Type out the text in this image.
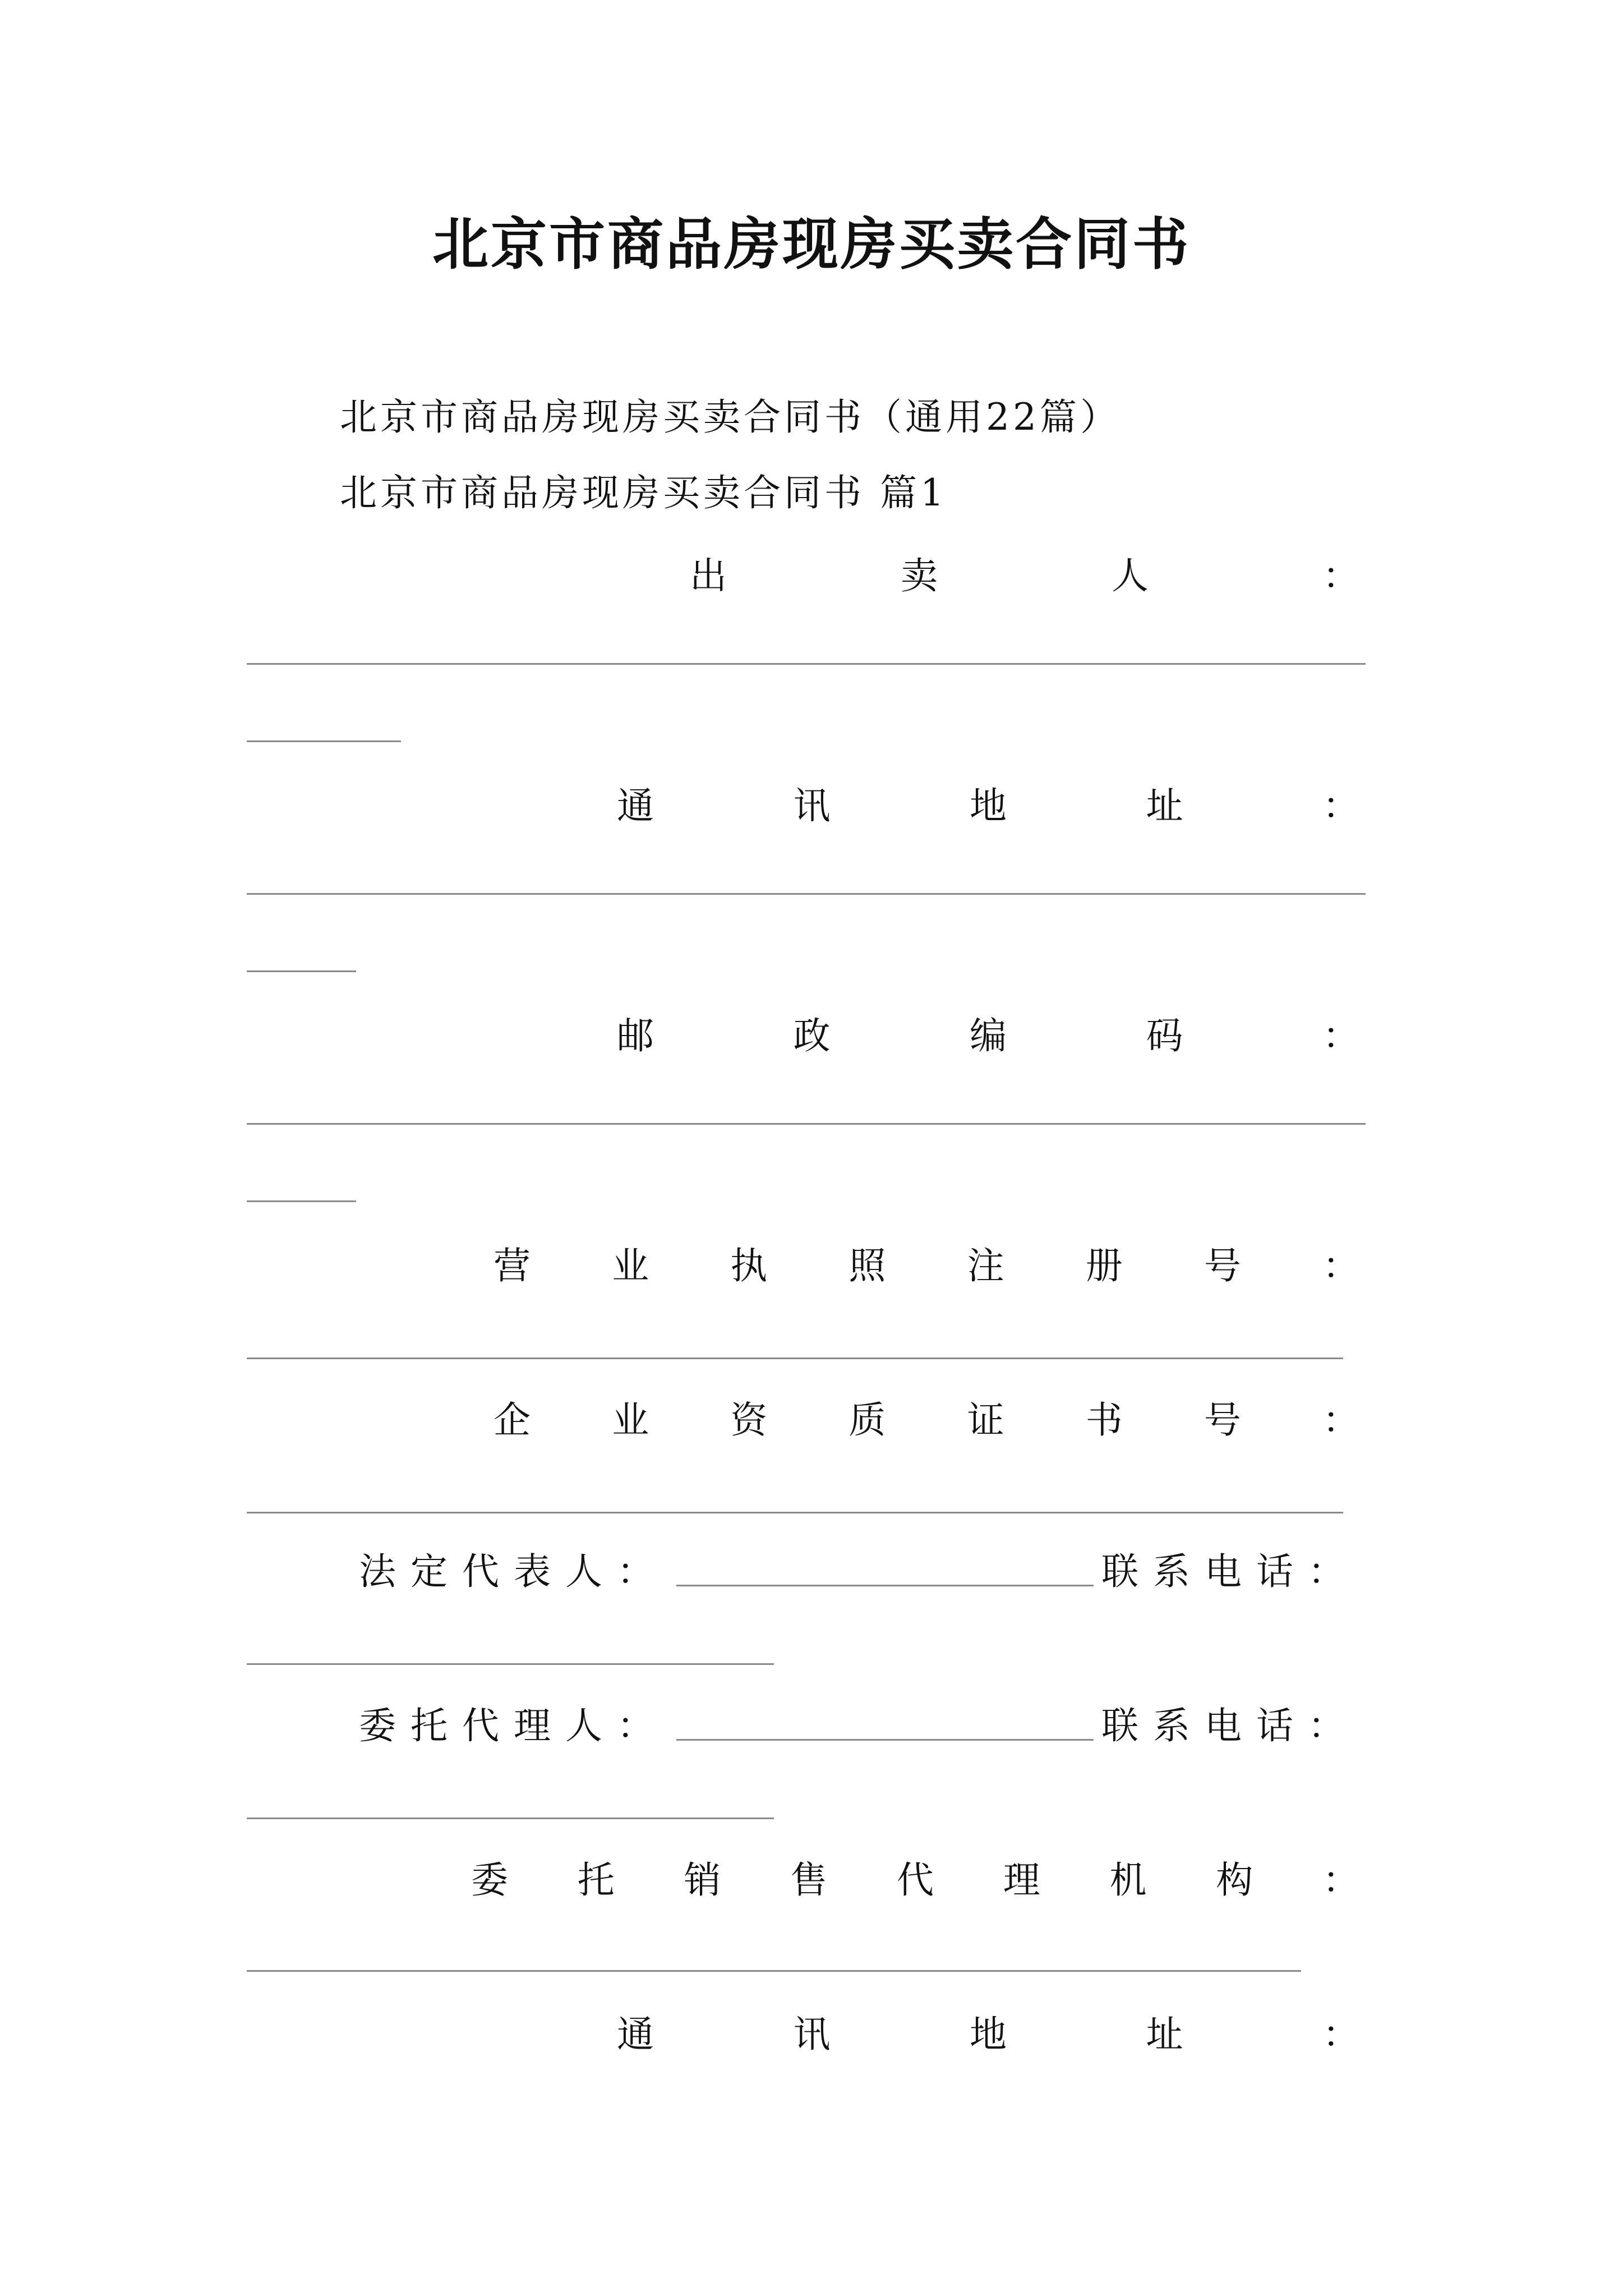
北京市商品房现房买卖合同书
北京市商品房现房买卖合同书（通用22篇）
北京市商品房现房买卖合同书 篇1
出	卖	人	：
通	讯	地	址	：
邮	政	编	码	：
营 业 执 照 注 册 号 ：
企 业 资 质 证 书 号 ：
法定代表人：	联系电话：
委托代理人：	联系电话：
委 托 销 售 代 理 机 构 ：
通	讯	地	址	：
